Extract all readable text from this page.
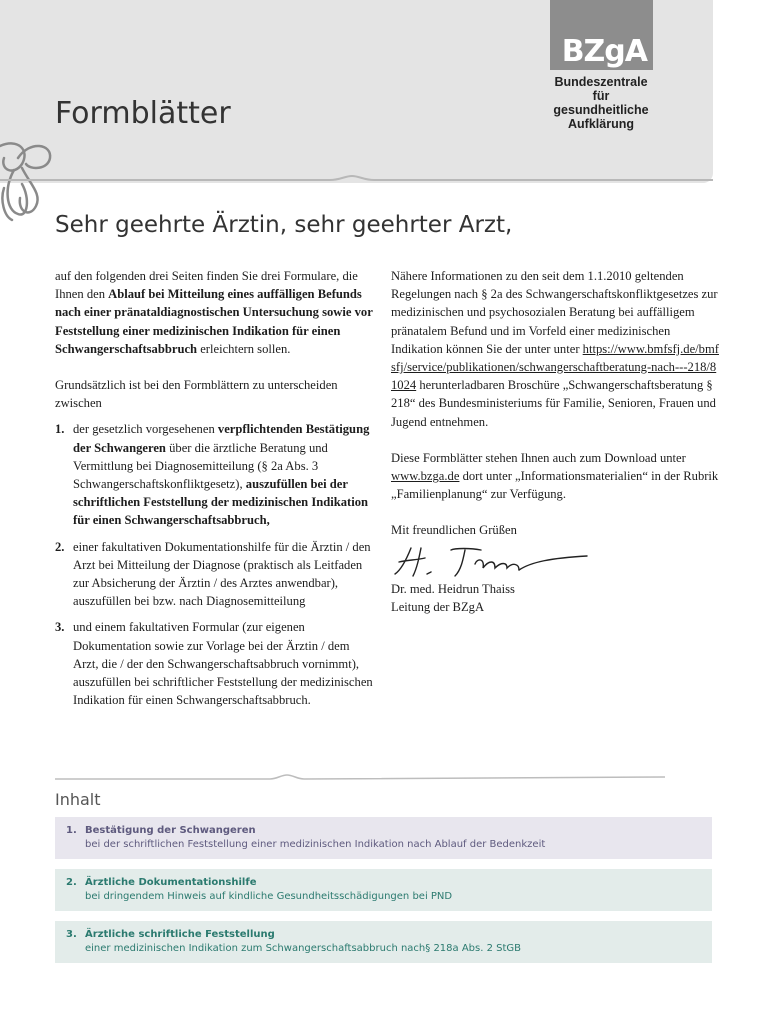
Formblätter
BZgA
Bundeszentrale
für
gesundheitliche
Aufklärung
Sehr geehrte Ärztin, sehr geehrter Arzt,

auf den folgenden drei Seiten finden Sie drei Formulare, die Ihnen den Ablauf bei Mitteilung eines auffälligen Befunds nach einer pränataldiagnostischen Untersuchung sowie vor Feststellung einer medizinischen Indikation für einen Schwangerschaftsabbruch erleichtern sollen.

Grundsätzlich ist bei den Formblättern zu unterscheiden zwischen

1. der gesetzlich vorgesehenen verpflichtenden Bestätigung der Schwangeren über die ärztliche Beratung und Vermittlung bei Diagnosemitteilung (§ 2a Abs. 3 Schwangerschaftskonfliktgesetz), auszufüllen bei der schriftlichen Feststellung der medizinischen Indikation für einen Schwangerschaftsabbruch,
2. einer fakultativen Dokumentationshilfe für die Ärztin / den Arzt bei Mitteilung der Diagnose (praktisch als Leitfaden zur Absicherung der Ärztin / des Arztes anwendbar), auszufüllen bei bzw. nach Diagnosemitteilung
3. und einem fakultativen Formular (zur eigenen Dokumentation sowie zur Vorlage bei der Ärztin / dem Arzt, die / der den Schwangerschaftsabbruch vornimmt), auszufüllen bei schriftlicher Feststellung der medizinischen Indikation für einen Schwangerschaftsabbruch.

Nähere Informationen zu den seit dem 1.1.2010 geltenden Regelungen nach § 2a des Schwangerschaftskonfliktgesetzes zur medizinischen und psychosozialen Beratung bei auffälligem pränatalem Befund und im Vorfeld einer medizinischen Indikation können Sie der unter unter https://www.bmfsfj.de/bmfsfj/service/publikationen/schwangerschaftberatung-nach---218/81024 herunterladbaren Broschüre „Schwangerschaftsberatung § 218“ des Bundesministeriums für Familie, Senioren, Frauen und Jugend entnehmen.

Diese Formblätter stehen Ihnen auch zum Download unter www.bzga.de dort unter „Informationsmaterialien“ in der Rubrik „Familienplanung“ zur Verfügung.

Mit freundlichen Grüßen

Dr. med. Heidrun Thaiss

Leitung der BZgA

Inhalt
1. Bestätigung der Schwangeren
bei der schriftlichen Feststellung einer medizinischen Indikation nach Ablauf der Bedenkzeit
2. Ärztliche Dokumentationshilfe
bei dringendem Hinweis auf kindliche Gesundheitsschädigungen bei PND
3. Ärztliche schriftliche Feststellung
einer medizinischen Indikation zum Schwangerschaftsabbruch nach§ 218a Abs. 2 StGB
